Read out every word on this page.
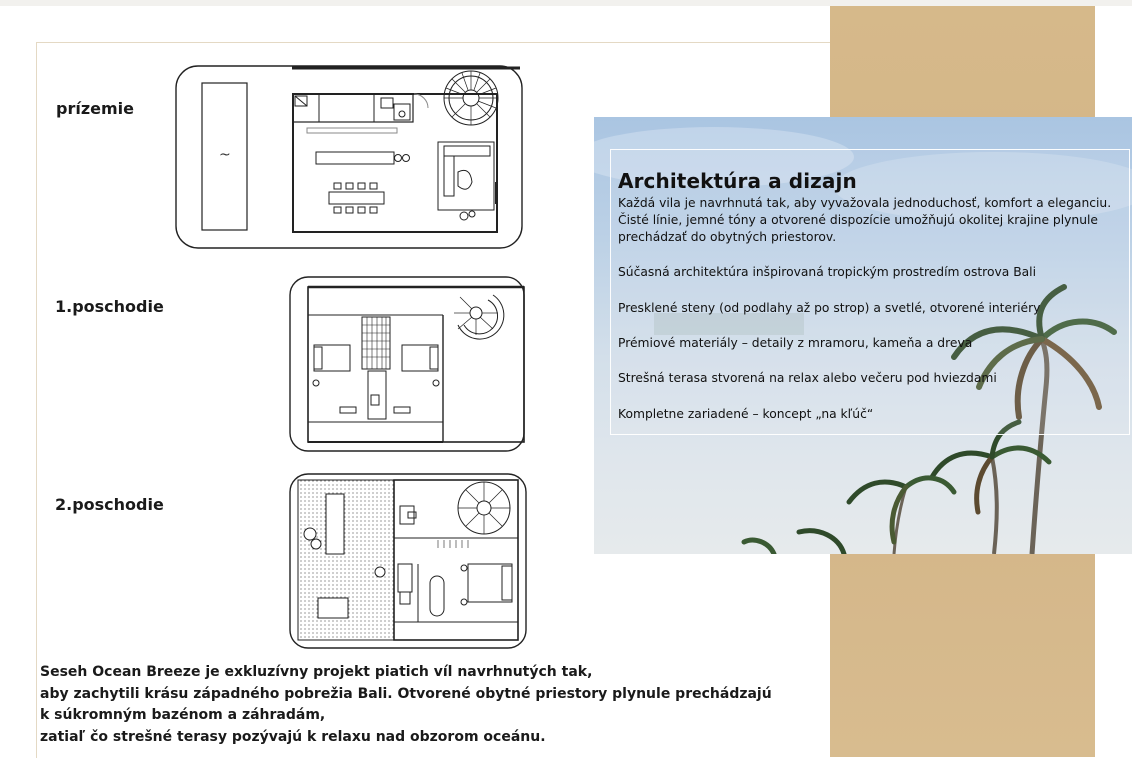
prízemie
1.poschodie
2.poschodie
~
Architektúra a dizajn
Každá vila je navrhnutá tak, aby vyvažovala jednoduchosť, komfort a eleganciu. Čisté línie, jemné tóny a otvorené dispozície umožňujú okolitej krajine plynule prechádzať do obytných priestorov.
Súčasná architektúra inšpirovaná tropickým prostredím ostrova Bali
Presklené steny (od podlahy až po strop) a svetlé, otvorené interiéry
Prémiové materiály – detaily z mramoru, kameňa a dreva
Strešná terasa stvorená na relax alebo večeru pod hviezdami
Kompletne zariadené – koncept „na kľúč“
Seseh Ocean Breeze je exkluzívny projekt piatich víl navrhnutých tak,
aby zachytili krásu západného pobrežia Bali. Otvorené obytné priestory plynule prechádzajú
k súkromným bazénom a záhradám,
zatiaľ čo strešné terasy pozývajú k relaxu nad obzorom oceánu.
